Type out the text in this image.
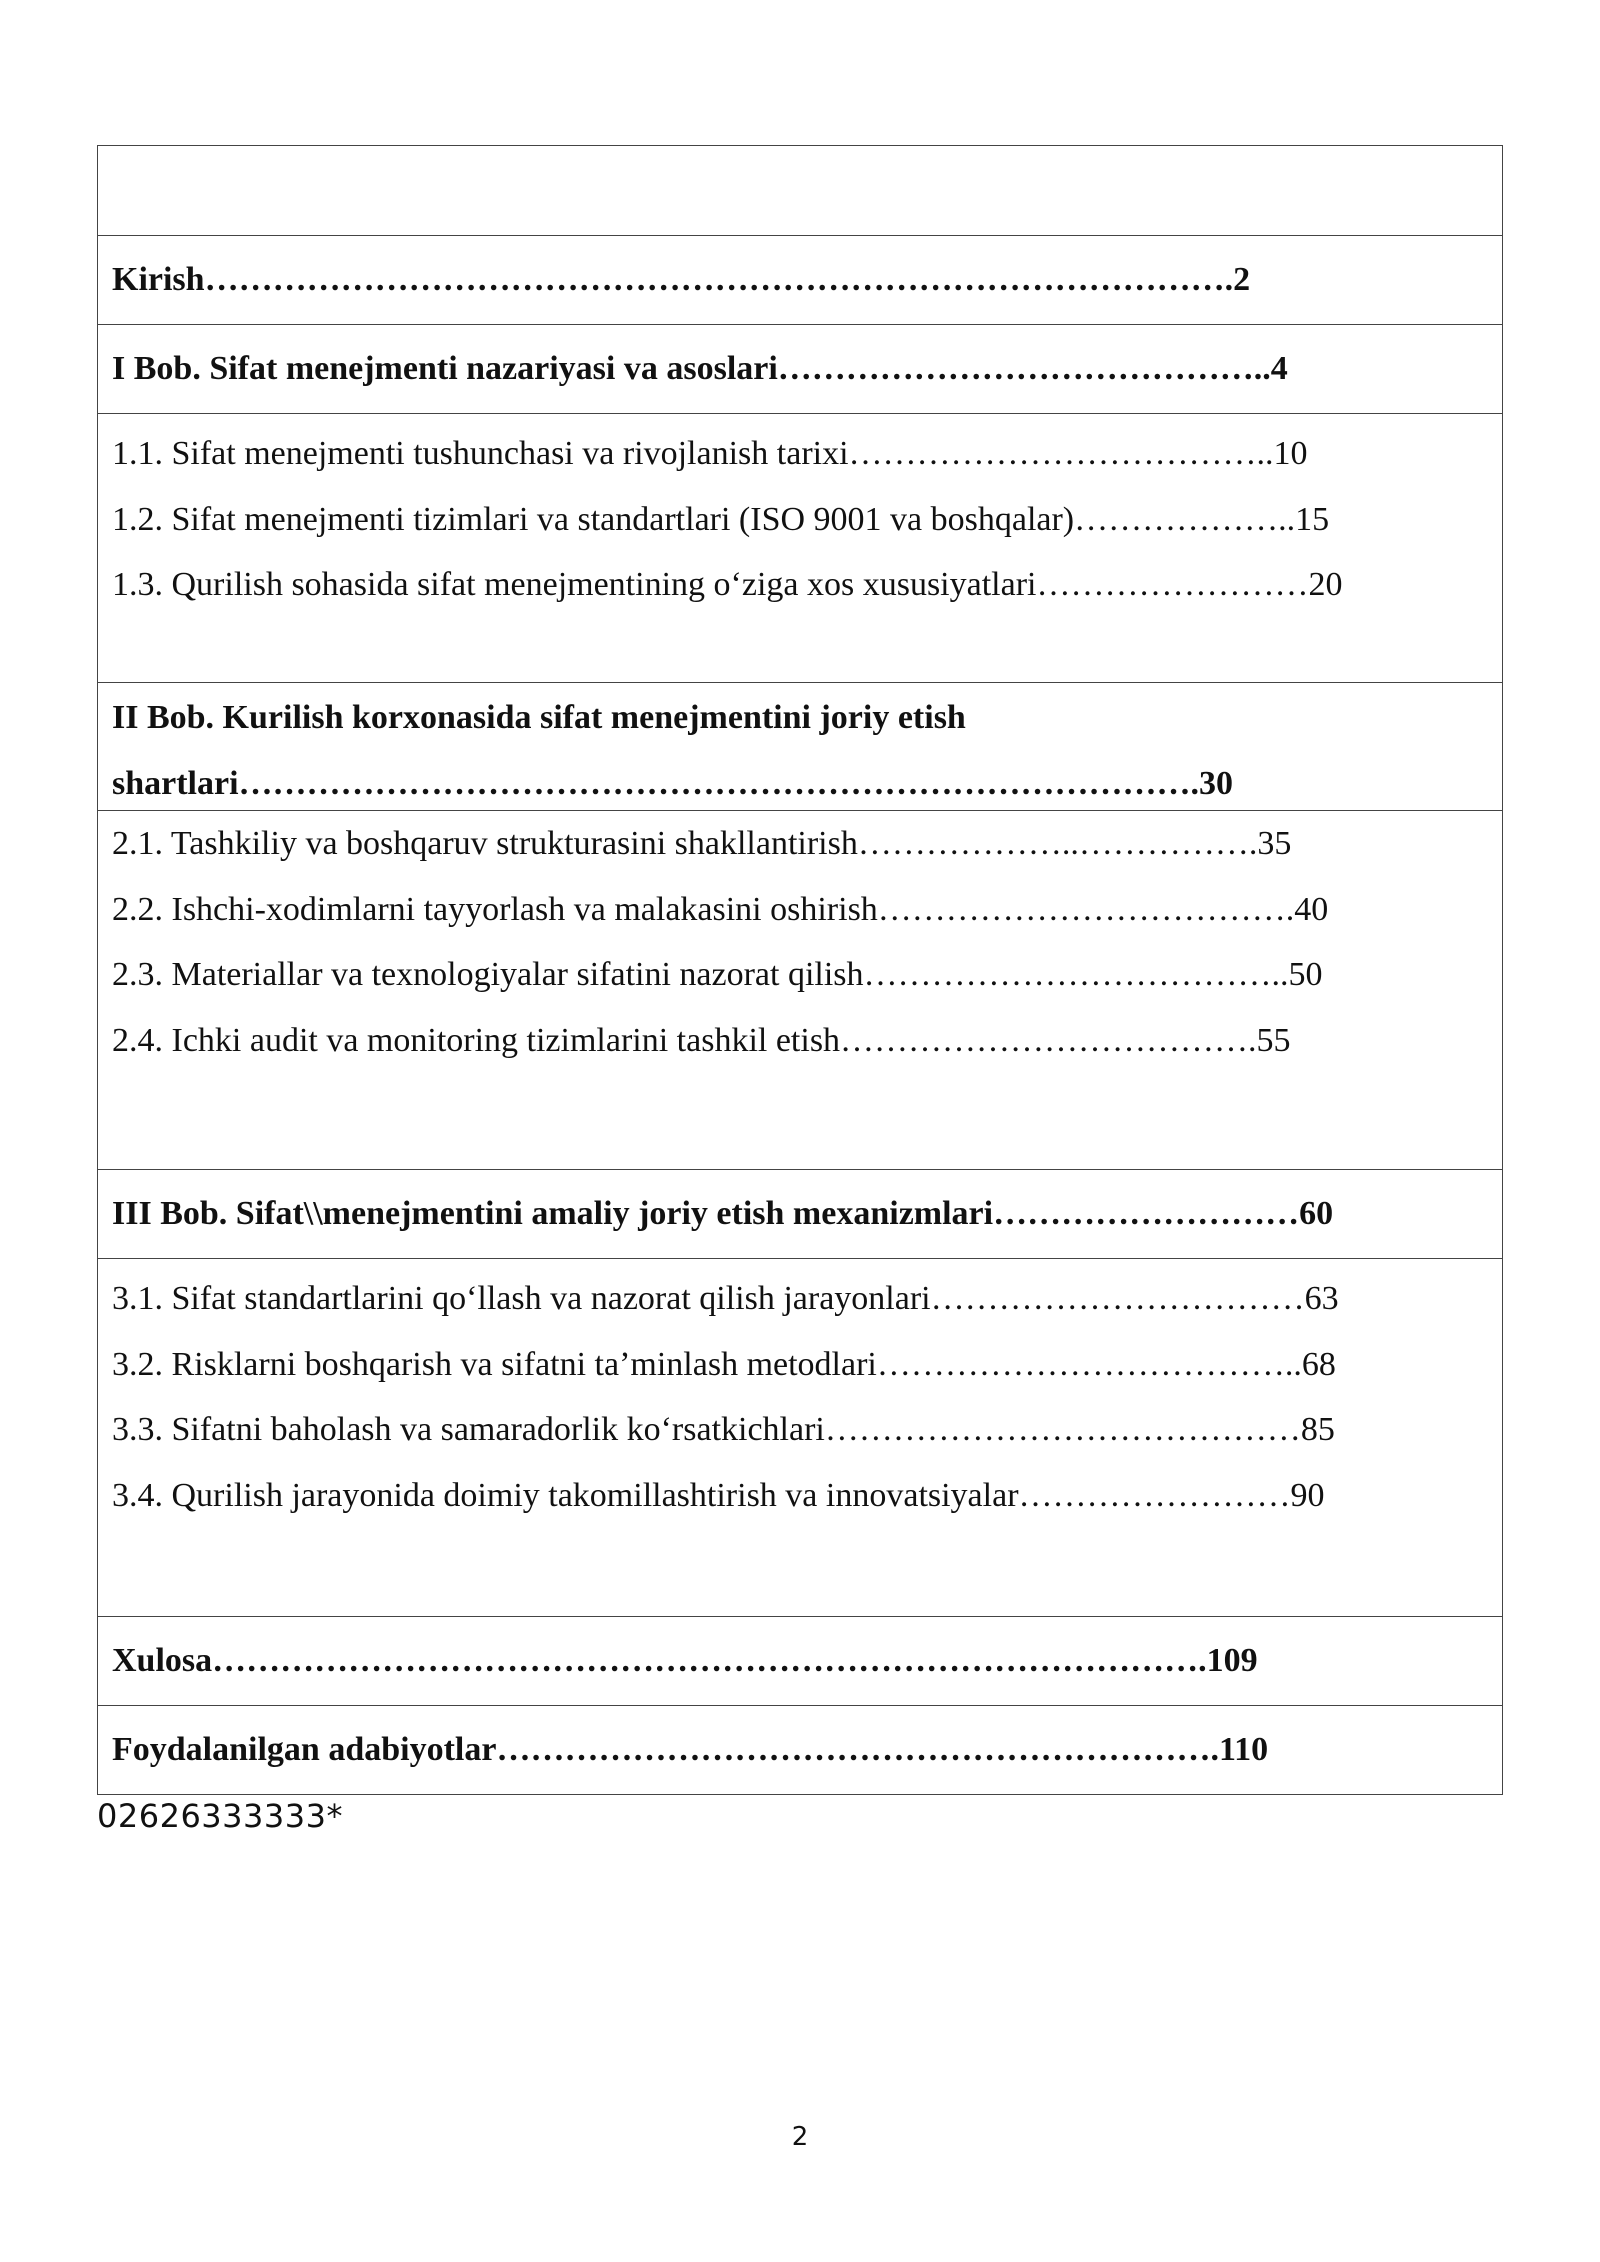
Kirish……………………………………………………………………………….2
I Bob. Sifat menejmenti nazariyasi va asoslari……………………………………..4
1.1. Sifat menejmenti tushunchasi va rivojlanish tarixi………………………………..10
1.2. Sifat menejmenti tizimlari va standartlari (ISO 9001 va boshqalar)………………..15
1.3. Qurilish sohasida sifat menejmentining oʻziga xos xususiyatlari……………………20
II Bob. Kurilish korxonasida sifat menejmentini joriy etish
shartlari………………………………………………………………………….30
2.1. Tashkiliy va boshqaruv strukturasini shakllantirish………………..…………….35
2.2. Ishchi-xodimlarni tayyorlash va malakasini oshirish……………………………….40
2.3. Materiallar va texnologiyalar sifatini nazorat qilish………………………………..50
2.4. Ichki audit va monitoring tizimlarini tashkil etish……………………………….55
III Bob. Sifat\\menejmentini amaliy joriy etish mexanizmlari………………………60
3.1. Sifat standartlarini qoʻllash va nazorat qilish jarayonlari……………………………63
3.2. Risklarni boshqarish va sifatni taʼminlash metodlari………………………………..68
3.3. Sifatni baholash va samaradorlik koʻrsatkichlari……………………………………85
3.4. Qurilish jarayonida doimiy takomillashtirish va innovatsiyalar……………………90
Xulosa…………………………………………………………………………….109
Foydalanilgan adabiyotlar……………………………………………………….110
02626333333*
2
